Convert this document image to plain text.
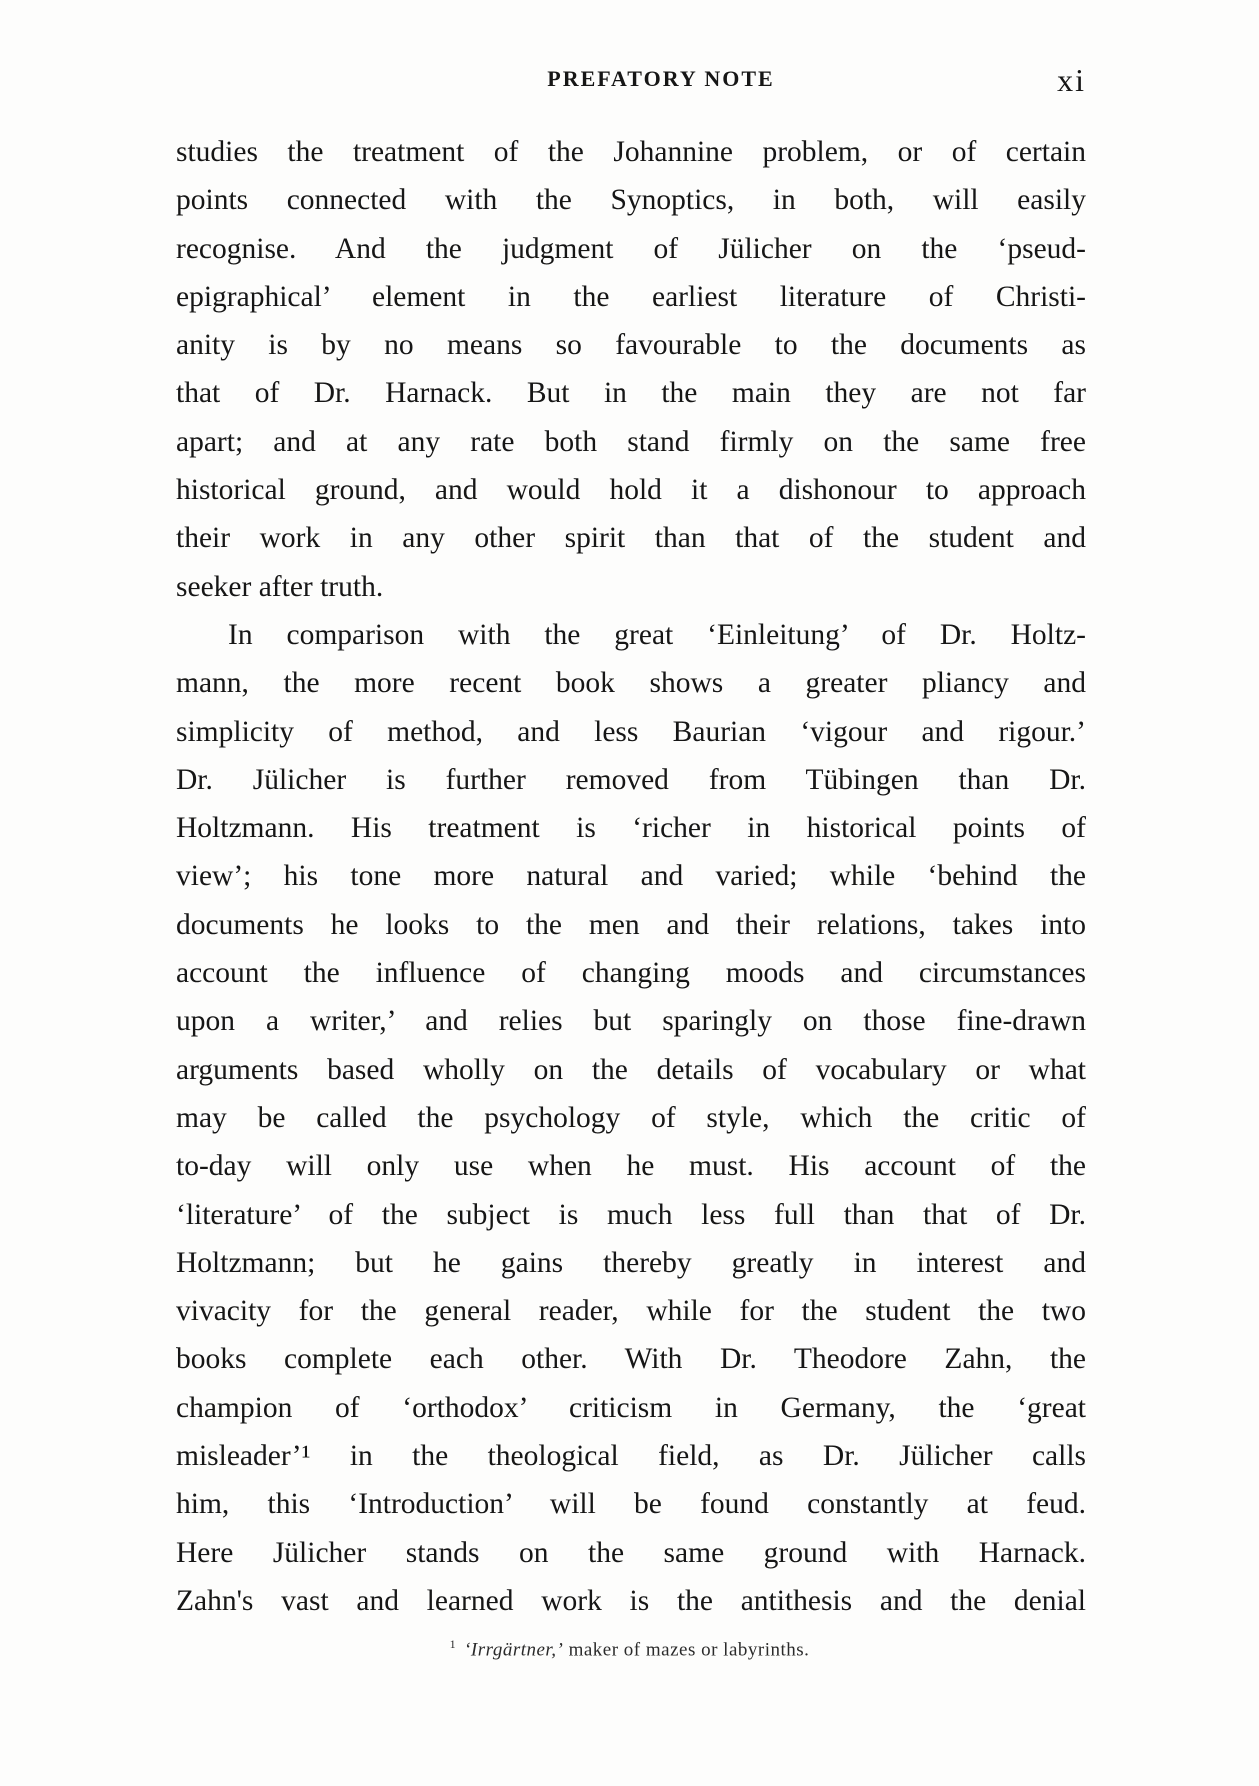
PREFATORY NOTE	xi
studies the treatment of the Johannine problem, or of certain
points connected with the Synoptics, in both, will easily
recognise. And the judgment of Jülicher on the ‘pseud-
epigraphical’ element in the earliest literature of Christi-
anity is by no means so favourable to the documents as
that of Dr. Harnack. But in the main they are not far
apart; and at any rate both stand firmly on the same free
historical ground, and would hold it a dishonour to approach
their work in any other spirit than that of the student and
seeker after truth.
In comparison with the great ‘Einleitung’ of Dr. Holtz-
mann, the more recent book shows a greater pliancy and
simplicity of method, and less Baurian ‘vigour and rigour.’
Dr. Jülicher is further removed from Tübingen than Dr.
Holtzmann. His treatment is ‘richer in historical points of
view’; his tone more natural and varied; while ‘behind the
documents he looks to the men and their relations, takes into
account the influence of changing moods and circumstances
upon a writer,’ and relies but sparingly on those fine-drawn
arguments based wholly on the details of vocabulary or what
may be called the psychology of style, which the critic of
to-day will only use when he must. His account of the
‘literature’ of the subject is much less full than that of Dr.
Holtzmann; but he gains thereby greatly in interest and
vivacity for the general reader, while for the student the two
books complete each other. With Dr. Theodore Zahn, the
champion of ‘orthodox’ criticism in Germany, the ‘great
misleader’¹ in the theological field, as Dr. Jülicher calls
him, this ‘Introduction’ will be found constantly at feud.
Here Jülicher stands on the same ground with Harnack.
Zahn's vast and learned work is the antithesis and the denial
$^1$ ‘Irrgärtner,’ maker of mazes or labyrinths.
